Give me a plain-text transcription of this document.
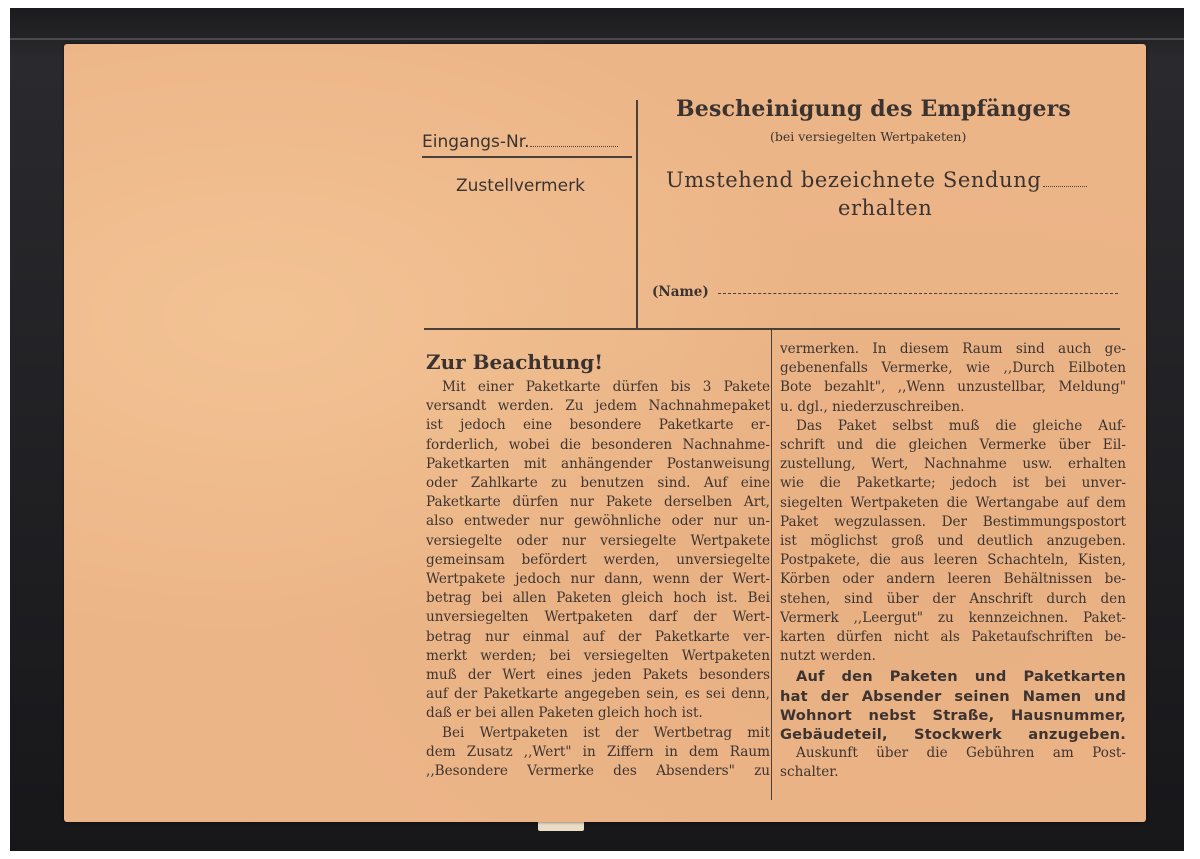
Eingangs-Nr.
Zustellvermerk
Bescheinigung des Empfängers
(bei versiegelten Wertpaketen)
Umstehend bezeichnete Sendung
erhalten
(Name)
Zur Beachtung!
Mit einer Paketkarte dürfen bis 3 Pakete
versandt werden. Zu jedem Nachnahmepaket
ist jedoch eine besondere Paketkarte er-
forderlich, wobei die besonderen Nachnahme-
Paketkarten mit anhängender Postanweisung
oder Zahlkarte zu benutzen sind. Auf eine
Paketkarte dürfen nur Pakete derselben Art,
also entweder nur gewöhnliche oder nur un-
versiegelte oder nur versiegelte Wertpakete
gemeinsam befördert werden, unversiegelte
Wertpakete jedoch nur dann, wenn der Wert-
betrag bei allen Paketen gleich hoch ist. Bei
unversiegelten Wertpaketen darf der Wert-
betrag nur einmal auf der Paketkarte ver-
merkt werden; bei versiegelten Wertpaketen
muß der Wert eines jeden Pakets besonders
auf der Paketkarte angegeben sein, es sei denn,
daß er bei allen Paketen gleich hoch ist.
Bei Wertpaketen ist der Wertbetrag mit
dem Zusatz ,,Wert" in Ziffern in dem Raum
,,Besondere Vermerke des Absenders" zu
vermerken. In diesem Raum sind auch ge-
gebenenfalls Vermerke, wie ,,Durch Eilboten
Bote bezahlt", ,,Wenn unzustellbar, Meldung"
u. dgl., niederzuschreiben.
Das Paket selbst muß die gleiche Auf-
schrift und die gleichen Vermerke über Eil-
zustellung, Wert, Nachnahme usw. erhalten
wie die Paketkarte; jedoch ist bei unver-
siegelten Wertpaketen die Wertangabe auf dem
Paket wegzulassen. Der Bestimmungspostort
ist möglichst groß und deutlich anzugeben.
Postpakete, die aus leeren Schachteln, Kisten,
Körben oder andern leeren Behältnissen be-
stehen, sind über der Anschrift durch den
Vermerk ,,Leergut" zu kennzeichnen. Paket-
karten dürfen nicht als Paketaufschriften be-
nutzt werden.
Auf den Paketen und Paketkarten
hat der Absender seinen Namen und
Wohnort nebst Straße, Hausnummer,
Gebäudeteil, Stockwerk anzugeben.
Auskunft über die Gebühren am Post-
schalter.
